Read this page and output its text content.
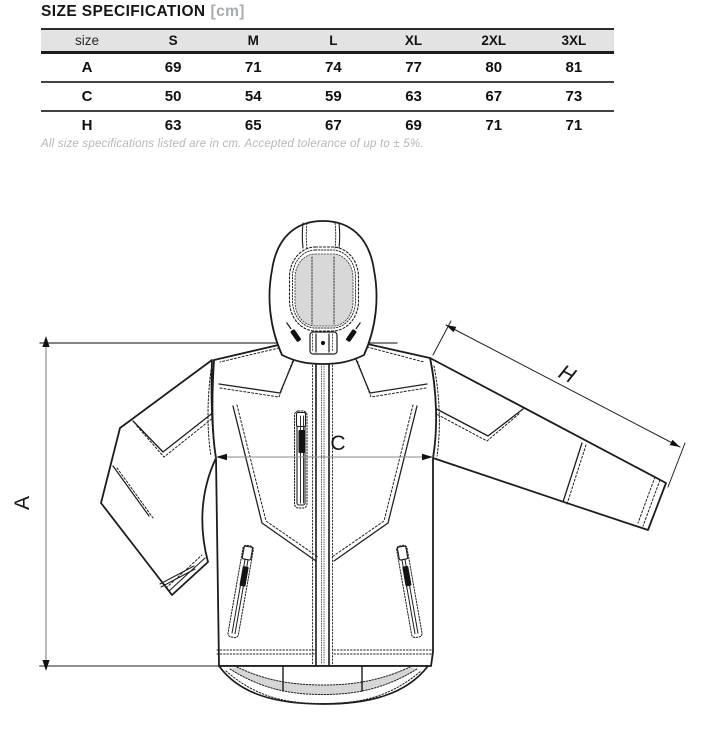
SIZE SPECIFICATION [cm]
size	S	M	L	XL	2XL	3XL
A	69	71	74	77	80	81
C	50	54	59	63	67	73
H	63	65	67	69	71	71
All size specifications listed are in cm. Accepted tolerance of up to ± 5%.
A
C
H
